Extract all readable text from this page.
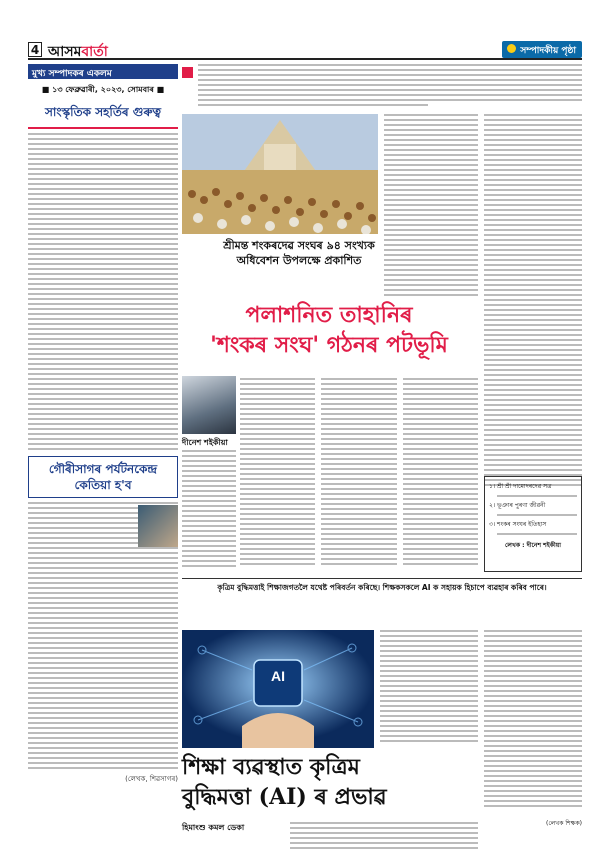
4 আসমবাৰ্তা	সম্পাদকীয় পৃষ্ঠা
মুখ্য সম্পাদকৰ একলম
■ ১৩ ফেব্ৰুৱাৰী, ২০২৩, সোমবাৰ ■
সাংস্কৃতিক সহৰ্তিৰ গুৰুত্ব
গৌৰীসাগৰ পৰ্যটনকেন্দ্ৰ কেতিয়া হ'ব
(লেখক, শিৱসাগৰ)
শ্ৰীমন্ত শংকৰদেৱ সংঘৰ ৯৪ সংখ্যক অধিবেশন উপলক্ষে প্ৰকাশিত
পলাশনিত তাহানিৰ
'শংকৰ সংঘ' গঠনৰ পটভূমি
দীনেশ শইকীয়া
১। শ্ৰী শ্ৰী দামোদৰদেৱ সত্ৰ
২। ভূঞাৰ পুৰণা জীৱনী
৩। শংকৰ সংঘৰ ইতিহাস
লেখক : দীনেশ শইকীয়া
কৃত্ৰিম বুদ্ধিমত্তাই শিক্ষাজগতলৈ যথেষ্ট পৰিবৰ্তন কৰিছে। শিক্ষকসকলে AI ক সহায়ক হিচাপে ব্যৱহাৰ কৰিব পাৰে।
AI
শিক্ষা ব্যৱস্থাত কৃত্ৰিম
বুদ্ধিমত্তা (AI) ৰ প্ৰভাৱ
হিমাংশু কমল ডেকা	(লেখক শিক্ষক)
